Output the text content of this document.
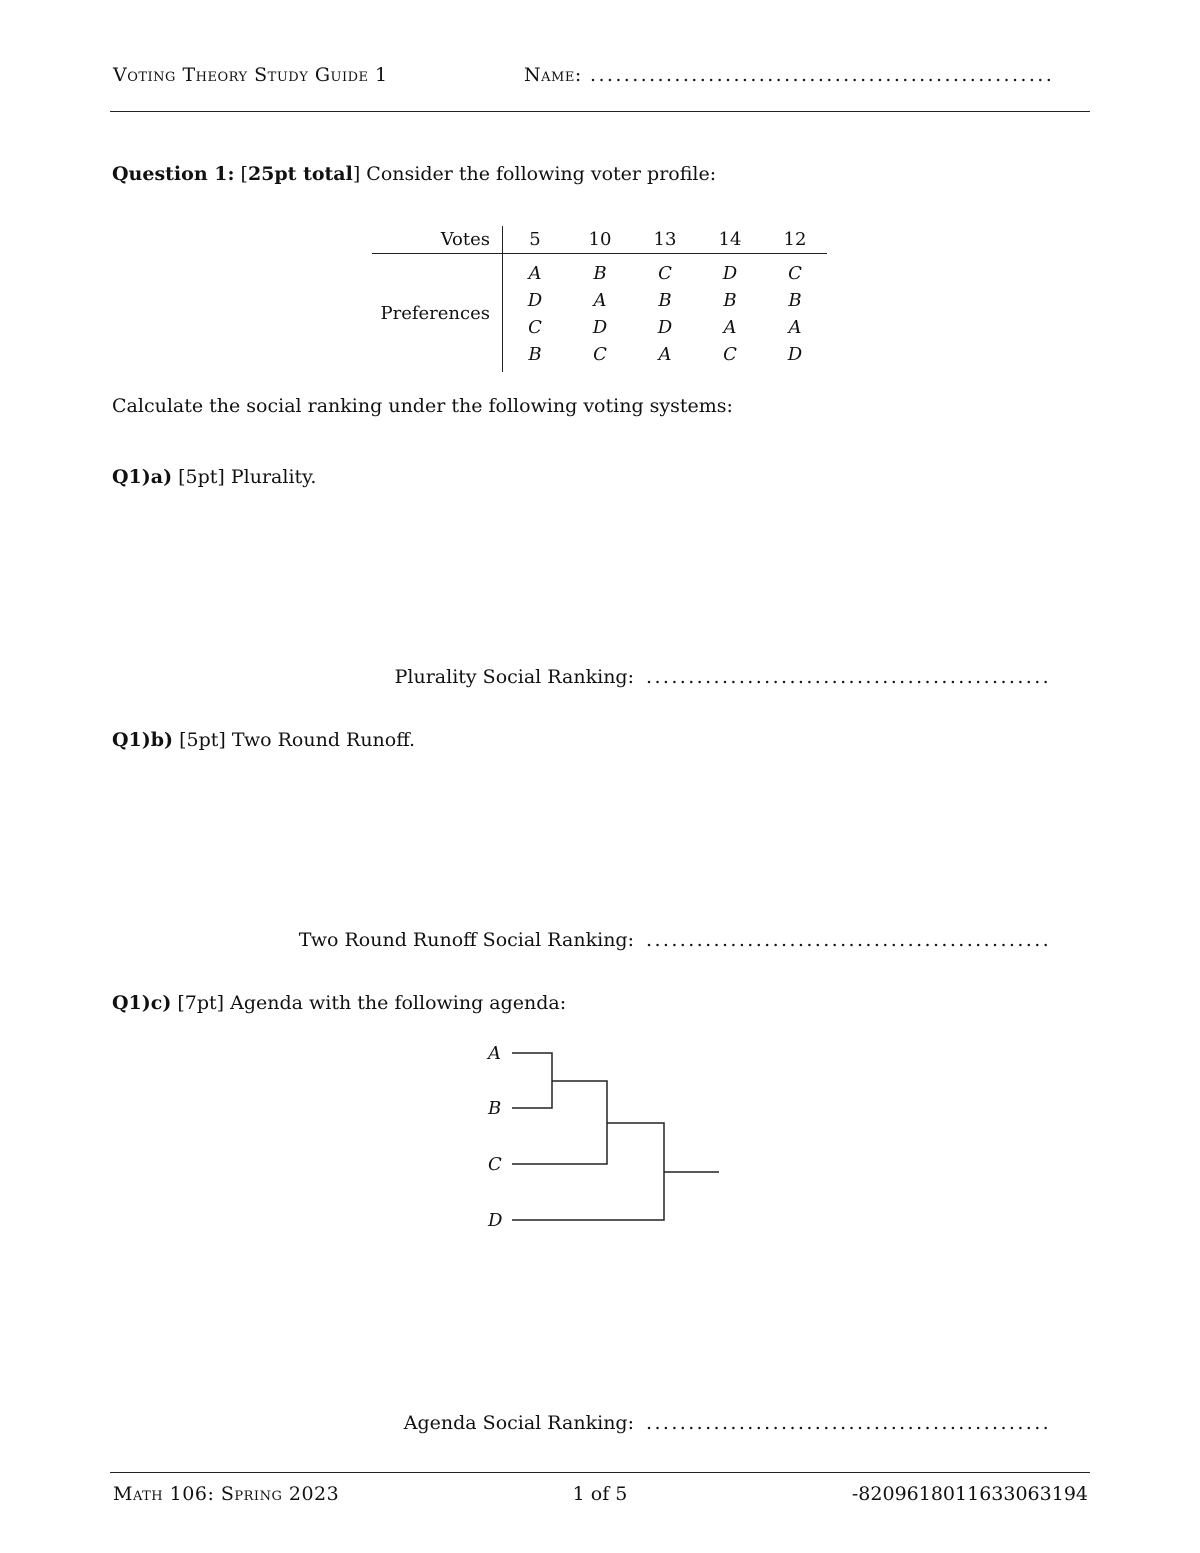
Voting Theory Study Guide 1	Name: .......................................................
Question 1: [25pt total] Consider the following voter profile:
Votes	5	10	13	14	12
Preferences	A	B	C	D	C
	D	A	B	B	B
	C	D	D	A	A
	B	C	A	C	D
Calculate the social ranking under the following voting systems:
Q1)a) [5pt] Plurality.
Plurality Social Ranking: ................................................
Q1)b) [5pt] Two Round Runoff.
Two Round Runoff Social Ranking: ................................................
Q1)c) [7pt] Agenda with the following agenda:
A
B
C
D
Agenda Social Ranking: ................................................
Math 106: Spring 2023	1 of 5	-8209618011633063194
